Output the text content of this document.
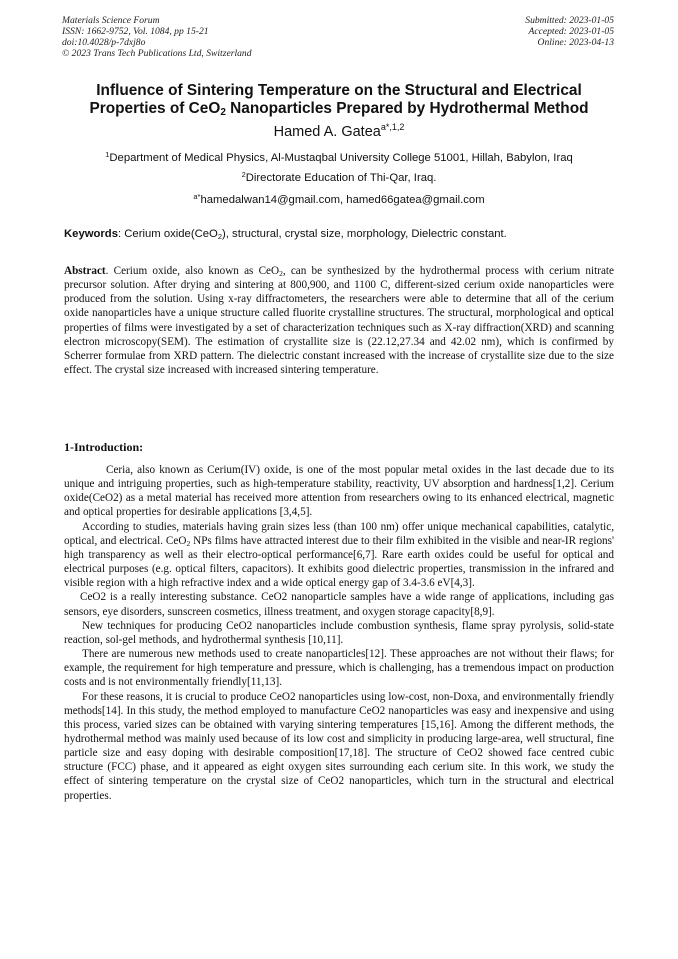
Materials Science Forum
ISSN: 1662-9752, Vol. 1084, pp 15-21
doi:10.4028/p-7dxj8o
© 2023 Trans Tech Publications Ltd, Switzerland
Submitted: 2023-01-05
Accepted: 2023-01-05
Online: 2023-04-13
Influence of Sintering Temperature on the Structural and Electrical
Properties of CeO$_2$ Nanoparticles Prepared by Hydrothermal Method
Hamed A. Gatea$^{a*,1,2}$
$^1$Department of Medical Physics, Al-Mustaqbal University College 51001, Hillah, Babylon, Iraq
$^2$Directorate Education of Thi-Qar, Iraq.
$^{a*}$hamedalwan14@gmail.com, hamed66gatea@gmail.com
Keywords: Cerium oxide(CeO$_2$), structural, crystal size, morphology, Dielectric constant.

Abstract. Cerium oxide, also known as CeO$_2$, can be synthesized by the hydrothermal process with cerium nitrate precursor solution. After drying and sintering at 800,900, and 1100 C, different-sized cerium oxide nanoparticles were produced from the solution. Using x-ray diffractometers, the researchers were able to determine that all of the cerium oxide nanoparticles have a unique structure called fluorite crystalline structures. The structural, morphological and optical properties of films were investigated by a set of characterization techniques such as X-ray diffraction(XRD) and scanning electron microscopy(SEM). The estimation of crystallite size is (22.12,27.34 and 42.02 nm), which is confirmed by Scherrer formulae from XRD pattern. The dielectric constant increased with the increase of crystallite size due to the size effect. The crystal size increased with increased sintering temperature.

1-Introduction:

Ceria, also known as Cerium(IV) oxide, is one of the most popular metal oxides in the last decade due to its unique and intriguing properties, such as high-temperature stability, reactivity, UV absorption and hardness[1,2]. Cerium oxide(CeO2) as a metal material has received more attention from researchers owing to its enhanced electrical, magnetic and optical properties for desirable applications [3,4,5].

According to studies, materials having grain sizes less (than 100 nm) offer unique mechanical capabilities, catalytic, optical, and electrical. CeO$_2$ NPs films have attracted interest due to their film exhibited in the visible and near-IR regions' high transparency as well as their electro-optical performance[6,7]. Rare earth oxides could be useful for optical and electrical purposes (e.g. optical filters, capacitors). It exhibits good dielectric properties, transmission in the infrared and visible region with a high refractive index and a wide optical energy gap of 3.4-3.6 eV[4,3].

CeO2 is a really interesting substance. CeO2 nanoparticle samples have a wide range of applications, including gas sensors, eye disorders, sunscreen cosmetics, illness treatment, and oxygen storage capacity[8,9].

New techniques for producing CeO2 nanoparticles include combustion synthesis, flame spray pyrolysis, solid-state reaction, sol-gel methods, and hydrothermal synthesis [10,11].

There are numerous new methods used to create nanoparticles[12]. These approaches are not without their flaws; for example, the requirement for high temperature and pressure, which is challenging, has a tremendous impact on production costs and is not environmentally friendly[11,13].

For these reasons, it is crucial to produce CeO2 nanoparticles using low-cost, non-Doxa, and environmentally friendly methods[14]. In this study, the method employed to manufacture CeO2 nanoparticles was easy and inexpensive and using this process, varied sizes can be obtained with varying sintering temperatures [15,16]. Among the different methods, the hydrothermal method was mainly used because of its low cost and simplicity in producing large-area, well structural, fine particle size and easy doping with desirable composition[17,18]. The structure of CeO2 showed face centred cubic structure (FCC) phase, and it appeared as eight oxygen sites surrounding each cerium site. In this work, we study the effect of sintering temperature on the crystal size of CeO2 nanoparticles, which turn in the structural and electrical properties.
